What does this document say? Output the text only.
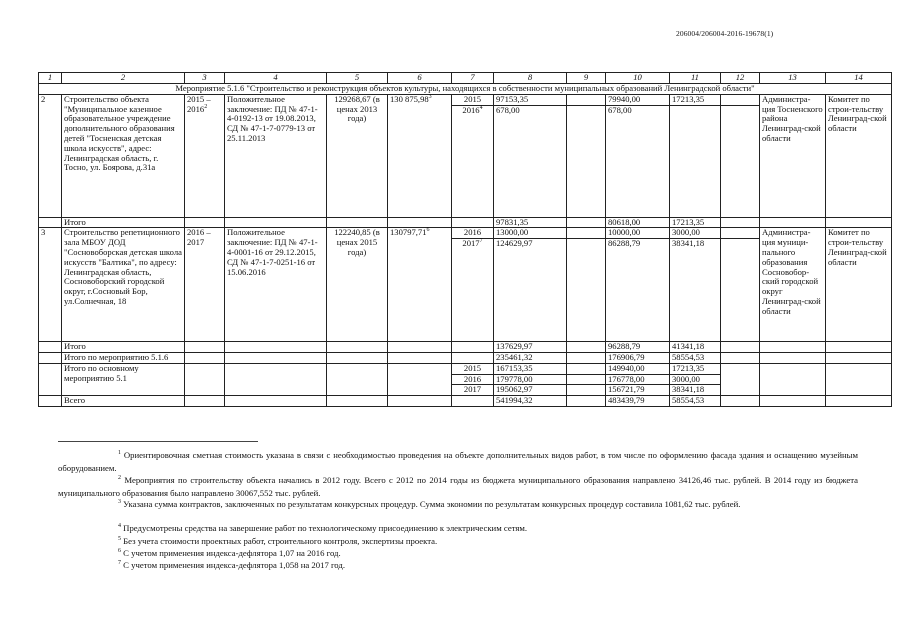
206004/206004-2016-19678(1)
1	2	3	4	5	6	7	8	9	10	11	12	13	14
Мероприятие 5.1.6 "Строительство и реконструкция объектов культуры, находящихся в собственности муниципальных образований Ленинградской области"													
2	Строительство объекта "Муниципальное казенное образовательное учреждение дополнительного образования детей "Тосненская детская школа искусств", адрес: Ленинградская область, г. Тосно, ул. Боярова, д.31а	2015 – 2016$^2$	Положительное заключение: ПД № 47-1-4-0192-13 от 19.08.2013, СД № 47-1-7-0779-13 от 25.11.2013	129268,67 (в ценах 2013 года)	130 875,98$^3$	2015	97153,35		79940,00	17213,35		Администра-ция Тосненского района Ленинград-ской области	Комитет по строи-тельству Ленинград-ской области
						2016$^4$	678,00		678,00				
	Итого						97831,35		80618,00	17213,35			
3	Строительство репетиционного зала МБОУ ДОД "Сосновоборская детская школа искусств "Балтика", по адресу: Ленинградская область, Сосновоборский городской округ, г.Сосновый Бор, ул.Солнечная, 18	2016 – 2017	Положительное заключение: ПД № 47-1-4-0001-16 от 29.12.2015, СД № 47-1-7-0251-16 от 15.06.2016	122240,85 (в ценах 2015 года)	130797,71$^6$	2016	13000,00		10000,00	3000,00		Администра-ция муници-пального образования Сосновобор-ский городской округ Ленинград-ской области	Комитет по строи-тельству Ленинград-ской области
						2017$^7$	124629,97		86288,79	38341,18			
	Итого						137629,97		96288,79	41341,18			
	Итого по мероприятию 5.1.6						235461,32		176906,79	58554,53			
	Итого по основному мероприятию 5.1					2015	167153,35		149940,00	17213,35			
						2016	179778,00		176778,00	3000,00			
						2017	195062,97		156721,79	38341,18			
	Всего						541994,32		483439,79	58554,53			
$^1$ Ориентировочная сметная стоимость указана в связи с необходимостью проведения на объекте дополнительных видов работ, в том числе по оформлению фасада здания и оснащению музейным оборудованием.
$^2$ Мероприятия по строительству объекта начались в 2012 году. Всего с 2012 по 2014 годы из бюджета муниципального образования направлено 34126,46 тыс. рублей. В 2014 году из бюджета муниципального образования было направлено 30067,552 тыс. рублей.
$^3$ Указана сумма контрактов, заключенных по результатам конкурсных процедур. Сумма экономии по результатам конкурсных процедур составила 1081,62 тыс. рублей.
$^4$ Предусмотрены средства на завершение работ по технологическому присоединению к электрическим сетям.
$^5$ Без учета стоимости проектных работ, строительного контроля, экспертизы проекта.
$^6$ С учетом применения индекса-дефлятора 1,07 на 2016 год.
$^7$ С учетом применения индекса-дефлятора 1,058 на 2017 год.
